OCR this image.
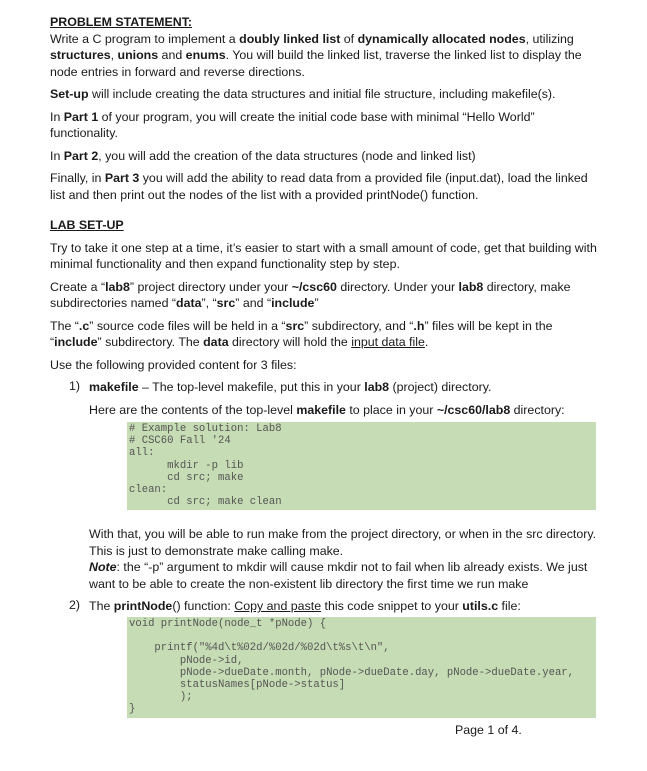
PROBLEM STATEMENT:

Write a C program to implement a doubly linked list of dynamically allocated nodes, utilizing structures, unions and enums. You will build the linked list, traverse the linked list to display the node entries in forward and reverse directions.

Set-up will include creating the data structures and initial file structure, including makefile(s).

In Part 1 of your program, you will create the initial code base with minimal “Hello World” functionality.

In Part 2, you will add the creation of the data structures (node and linked list)

Finally, in Part 3 you will add the ability to read data from a provided file (input.dat), load the linked list and then print out the nodes of the list with a provided printNode() function.

LAB SET-UP

Try to take it one step at a time, it’s easier to start with a small amount of code, get that building with minimal functionality and then expand functionality step by step.

Create a “lab8” project directory under your ~/csc60 directory. Under your lab8 directory, make subdirectories named “data”, “src” and “include”

The “.c” source code files will be held in a “src” subdirectory, and “.h” files will be kept in the “include” subdirectory. The data directory will hold the input data file.

Use the following provided content for 3 files:

1) makefile – The top-level makefile, put this in your lab8 (project) directory.

Here are the contents of the top-level makefile to place in your ~/csc60/lab8 directory:

# Example solution: Lab8
# CSC60 Fall '24
all:
mkdir -p lib
cd src; make
clean:
cd src; make clean

With that, you will be able to run make from the project directory, or when in the src directory. This is just to demonstrate make calling make.
Note: the “-p” argument to mkdir will cause mkdir not to fail when lib already exists. We just want to be able to create the non-existent lib directory the first time we run make

2) The printNode() function: Copy and paste this code snippet to your utils.c file:

void printNode(node_t *pNode) {

printf("%4d\t%02d/%02d/%02d\t%s\t\n",
pNode->id,
pNode->dueDate.month, pNode->dueDate.day, pNode->dueDate.year,
statusNames[pNode->status]
);
}
Page 1 of 4.
